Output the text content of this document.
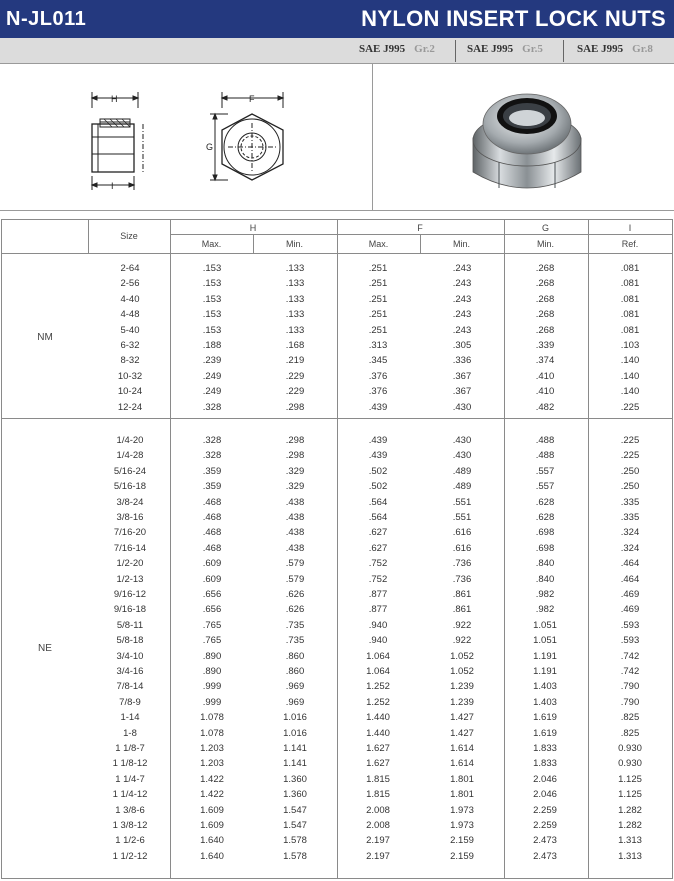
N-JL011	NYLON INSERT LOCK NUTS
SAE J995 Gr.2	SAE J995 Gr.5	SAE J995 Gr.8
H
I
F
G
Size
H	F	G	I
Max.	Min.	Max.	Min.	Min.	Ref.
NM
NE
2-64	.153	.133	.251	.243	.268	.081
2-56	.153	.133	.251	.243	.268	.081
4-40	.153	.133	.251	.243	.268	.081
4-48	.153	.133	.251	.243	.268	.081
5-40	.153	.133	.251	.243	.268	.081
6-32	.188	.168	.313	.305	.339	.103
8-32	.239	.219	.345	.336	.374	.140
10-32	.249	.229	.376	.367	.410	.140
10-24	.249	.229	.376	.367	.410	.140
12-24	.328	.298	.439	.430	.482	.225
1/4-20	.328	.298	.439	.430	.488	.225
1/4-28	.328	.298	.439	.430	.488	.225
5/16-24	.359	.329	.502	.489	.557	.250
5/16-18	.359	.329	.502	.489	.557	.250
3/8-24	.468	.438	.564	.551	.628	.335
3/8-16	.468	.438	.564	.551	.628	.335
7/16-20	.468	.438	.627	.616	.698	.324
7/16-14	.468	.438	.627	.616	.698	.324
1/2-20	.609	.579	.752	.736	.840	.464
1/2-13	.609	.579	.752	.736	.840	.464
9/16-12	.656	.626	.877	.861	.982	.469
9/16-18	.656	.626	.877	.861	.982	.469
5/8-11	.765	.735	.940	.922	1.051	.593
5/8-18	.765	.735	.940	.922	1.051	.593
3/4-10	.890	.860	1.064	1.052	1.191	.742
3/4-16	.890	.860	1.064	1.052	1.191	.742
7/8-14	.999	.969	1.252	1.239	1.403	.790
7/8-9	.999	.969	1.252	1.239	1.403	.790
1-14	1.078	1.016	1.440	1.427	1.619	.825
1-8	1.078	1.016	1.440	1.427	1.619	.825
1 1/8-7	1.203	1.141	1.627	1.614	1.833	0.930
1 1/8-12	1.203	1.141	1.627	1.614	1.833	0.930
1 1/4-7	1.422	1.360	1.815	1.801	2.046	1.125
1 1/4-12	1.422	1.360	1.815	1.801	2.046	1.125
1 3/8-6	1.609	1.547	2.008	1.973	2.259	1.282
1 3/8-12	1.609	1.547	2.008	1.973	2.259	1.282
1 1/2-6	1.640	1.578	2.197	2.159	2.473	1.313
1 1/2-12	1.640	1.578	2.197	2.159	2.473	1.313
